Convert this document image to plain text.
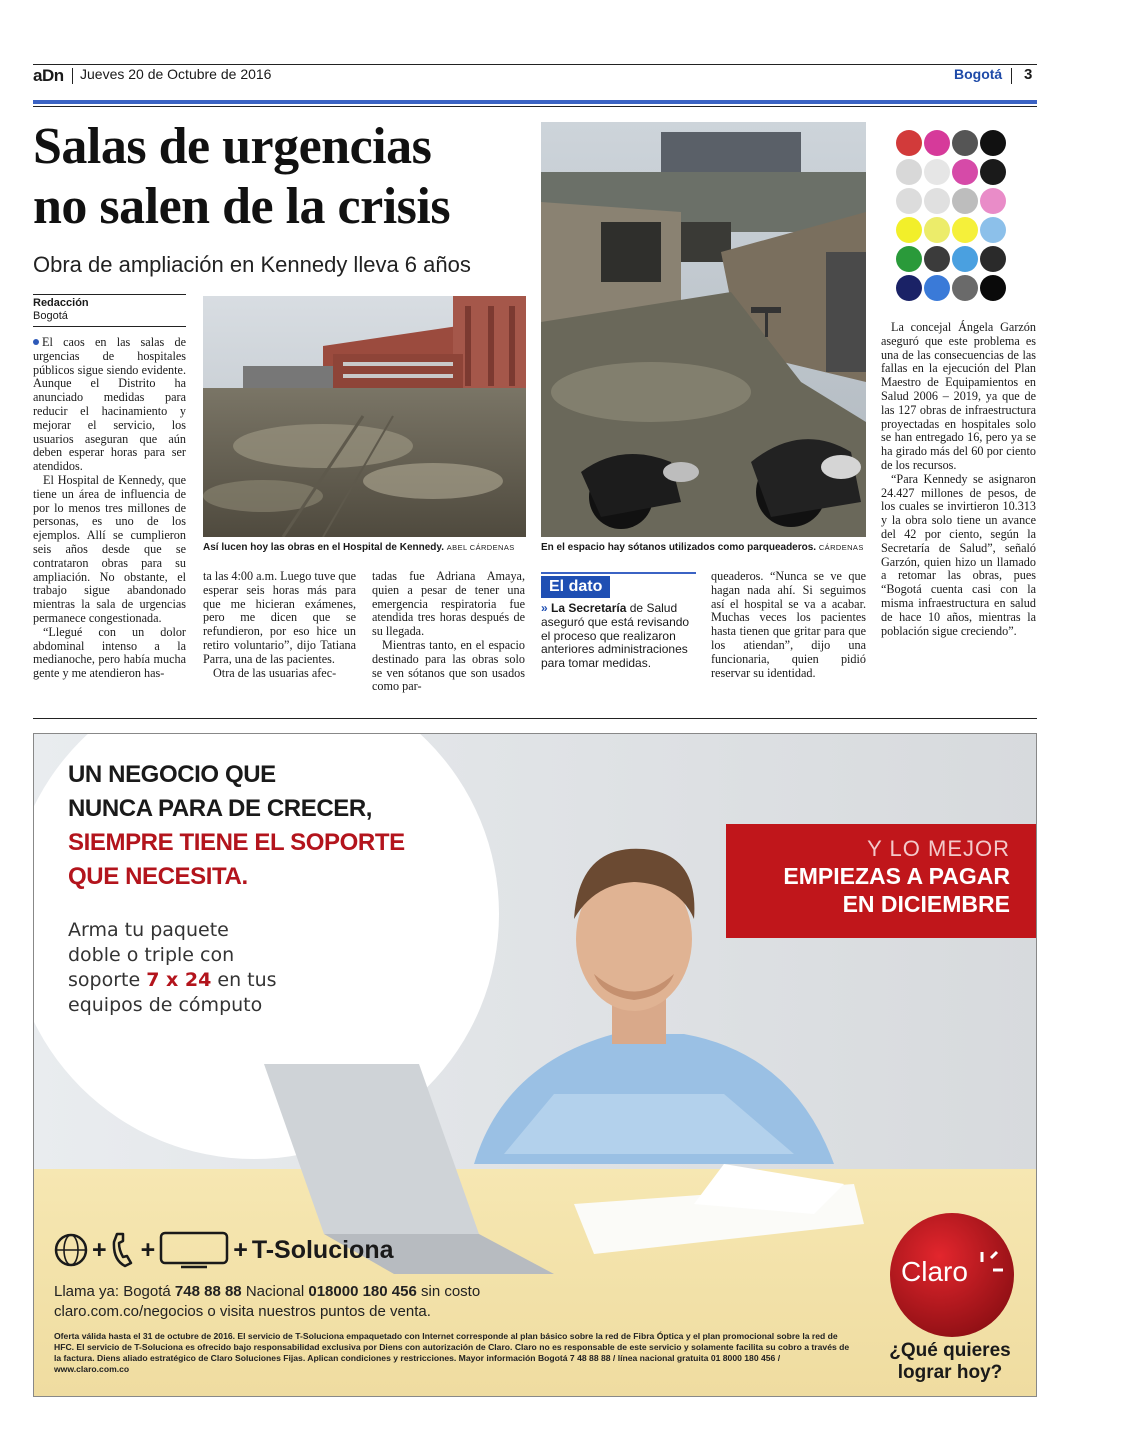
aDn Jueves 20 de Octubre de 2016	Bogotá 3
Salas de urgencias
no salen de la crisis
Obra de ampliación en Kennedy lleva 6 años
Redacción
Bogotá

El caos en las salas de urgencias de hospitales públicos sigue siendo evidente. Aunque el Distrito ha anunciado medidas para reducir el hacinamiento y mejorar el servicio, los usuarios aseguran que aún deben esperar horas para ser atendidos.

El Hospital de Kennedy, que tiene un área de influencia de por lo menos tres millones de personas, es uno de los ejemplos. Allí se cumplieron seis años desde que se contrataron obras para su ampliación. No obstante, el trabajo sigue abandonado mientras la sala de urgencias permanece congestionada.

“Llegué con un dolor abdominal intenso a la medianoche, pero había mucha gente y me atendieron has-

Así lucen hoy las obras en el Hospital de Kennedy. ABEL CÁRDENAS	En el espacio hay sótanos utilizados como parqueaderos. CÁRDENAS

ta las 4:00 a.m. Luego tuve que esperar seis horas más para que me hicieran exámenes, pero me dicen que se refundieron, por eso hice un retiro voluntario”, dijo Tatiana Parra, una de las pacientes.

Otra de las usuarias afec-

tadas fue Adriana Amaya, quien a pesar de tener una emergencia respiratoria fue atendida tres horas después de su llegada.

Mientras tanto, en el espacio destinado para las obras solo se ven sótanos que son usados como par-

El dato
» La Secretaría de Salud aseguró que está revisando el proceso que realizaron anteriores administraciones para tomar medidas.

queaderos. “Nunca se ve que hagan nada ahí. Si seguimos así el hospital se va a acabar. Muchas veces los pacientes hasta tienen que gritar para que los atiendan”, dijo una funcionaria, quien pidió reservar su identidad.

La concejal Ángela Garzón aseguró que este problema es una de las consecuencias de las fallas en la ejecución del Plan Maestro de Equipamientos en Salud 2006 – 2019, ya que de las 127 obras de infraestructura proyectadas en hospitales solo se han entregado 16, pero ya se ha girado más del 60 por ciento de los recursos.

“Para Kennedy se asignaron 24.427 millones de pesos, de los cuales se invirtieron 10.313 y la obra solo tiene un avance del 42 por ciento, según la Secretaría de Salud”, señaló Garzón, quien hizo un llamado a retomar las obras, pues “Bogotá cuenta casi con la misma infraestructura en salud de hace 10 años, mientras la población sigue creciendo”.

UN NEGOCIO QUE
NUNCA PARA DE CRECER,
SIEMPRE TIENE EL SOPORTE
QUE NECESITA.
Arma tu paquete
doble o triple con
soporte 7 x 24 en tus
equipos de cómputo
Y LO MEJOR
EMPIEZAS A PAGAR
EN DICIEMBRE
+ +	+ T-Soluciona
Llama ya: Bogotá 748 88 88 Nacional 018000 180 456 sin costo
claro.com.co/negocios o visita nuestros puntos de venta.
Oferta válida hasta el 31 de octubre de 2016. El servicio de T-Soluciona empaquetado con Internet corresponde al plan básico sobre la red de Fibra Óptica y el plan promocional sobre la red de HFC. El servicio de T-Soluciona es ofrecido bajo responsabilidad exclusiva por Diens con autorización de Claro. Claro no es responsable de este servicio y solamente facilita su cobro a través de la factura. Diens aliado estratégico de Claro Soluciones Fijas. Aplican condiciones y restricciones. Mayor información Bogotá 7 48 88 88 / línea nacional gratuita 01 8000 180 456 / www.claro.com.co
Claro
¿Qué quieres
lograr hoy?
